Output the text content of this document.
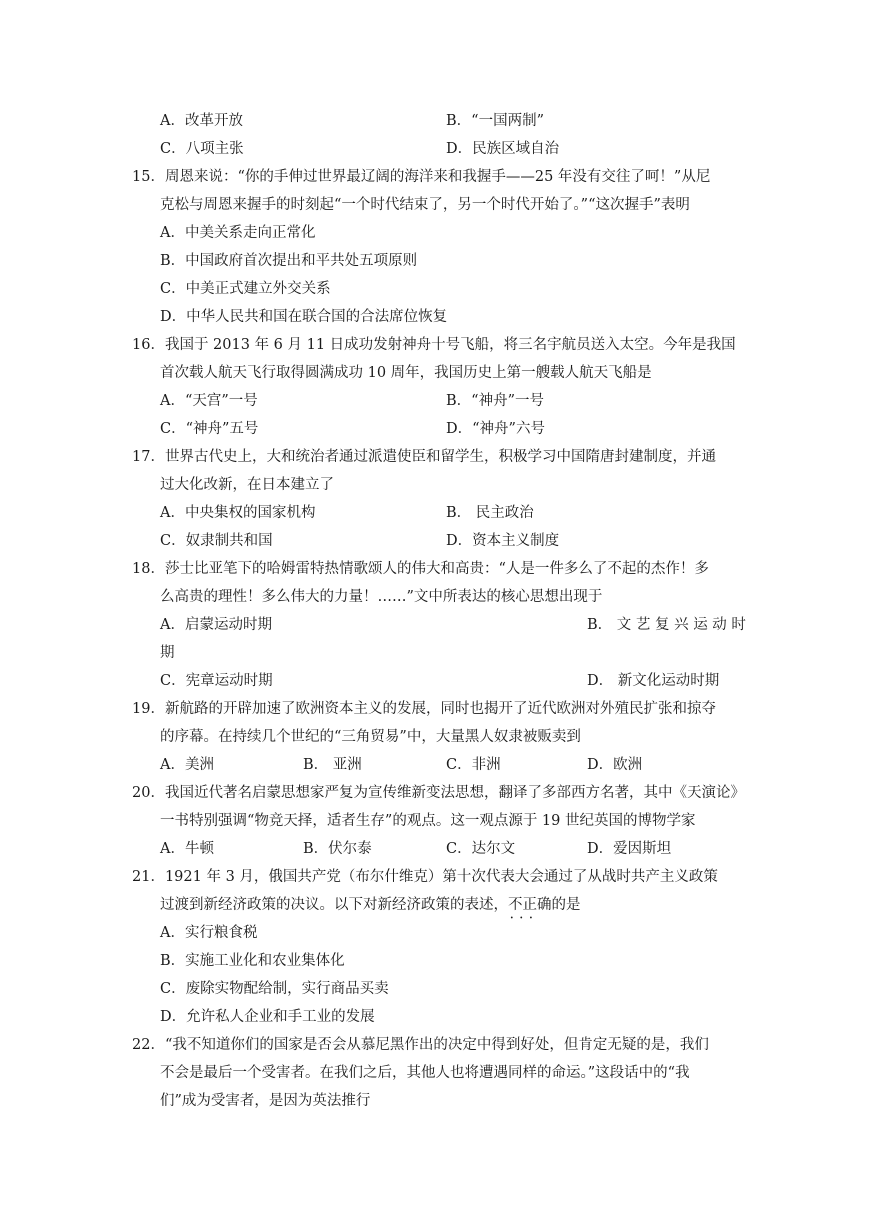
A．改革开放	B．“一国两制”
C．八项主张	D．民族区域自治
15．周恩来说：“你的手伸过世界最辽阔的海洋来和我握手——25 年没有交往了呵！”从尼
克松与周恩来握手的时刻起“一个时代结束了，另一个时代开始了。”“这次握手”表明
A．中美关系走向正常化
B．中国政府首次提出和平共处五项原则
C．中美正式建立外交关系
D．中华人民共和国在联合国的合法席位恢复
16．我国于 2013 年 6 月 11 日成功发射神舟十号飞船，将三名宇航员送入太空。今年是我国
首次载人航天飞行取得圆满成功 10 周年，我国历史上第一艘载人航天飞船是
A．“天宫”一号	B．“神舟”一号
C．“神舟”五号	D．“神舟”六号
17．世界古代史上，大和统治者通过派遣使臣和留学生，积极学习中国隋唐封建制度，并通
过大化改新，在日本建立了
A．中央集权的国家机构	B． 民主政治
C．奴隶制共和国	D．资本主义制度
18．莎士比亚笔下的哈姆雷特热情歌颂人的伟大和高贵：“人是一件多么了不起的杰作！多
么高贵的理性！多么伟大的力量！……”文中所表达的核心思想出现于
A．启蒙运动时期	B． 文 艺 复 兴 运 动 时
期
C．宪章运动时期	D． 新文化运动时期
19．新航路的开辟加速了欧洲资本主义的发展，同时也揭开了近代欧洲对外殖民扩张和掠夺
的序幕。在持续几个世纪的“三角贸易”中，大量黑人奴隶被贩卖到
A．美洲	B． 亚洲	C．非洲	D．欧洲
20．我国近代著名启蒙思想家严复为宣传维新变法思想，翻译了多部西方名著，其中《天演论》
一书特别强调“物竞天择，适者生存”的观点。这一观点源于 19 世纪英国的博物学家
A．牛顿	B．伏尔泰	C．达尔文	D．爱因斯坦
21．1921 年 3 月，俄国共产党（布尔什维克）第十次代表大会通过了从战时共产主义政策
过渡到新经济政策的决议。以下对新经济政策的表述，不正确 •••的是
A．实行粮食税
B．实施工业化和农业集体化
C．废除实物配给制，实行商品买卖
D．允许私人企业和手工业的发展
22．“我不知道你们的国家是否会从慕尼黑作出的决定中得到好处，但肯定无疑的是，我们
不会是最后一个受害者。在我们之后，其他人也将遭遇同样的命运。”这段话中的“我
们”成为受害者，是因为英法推行
